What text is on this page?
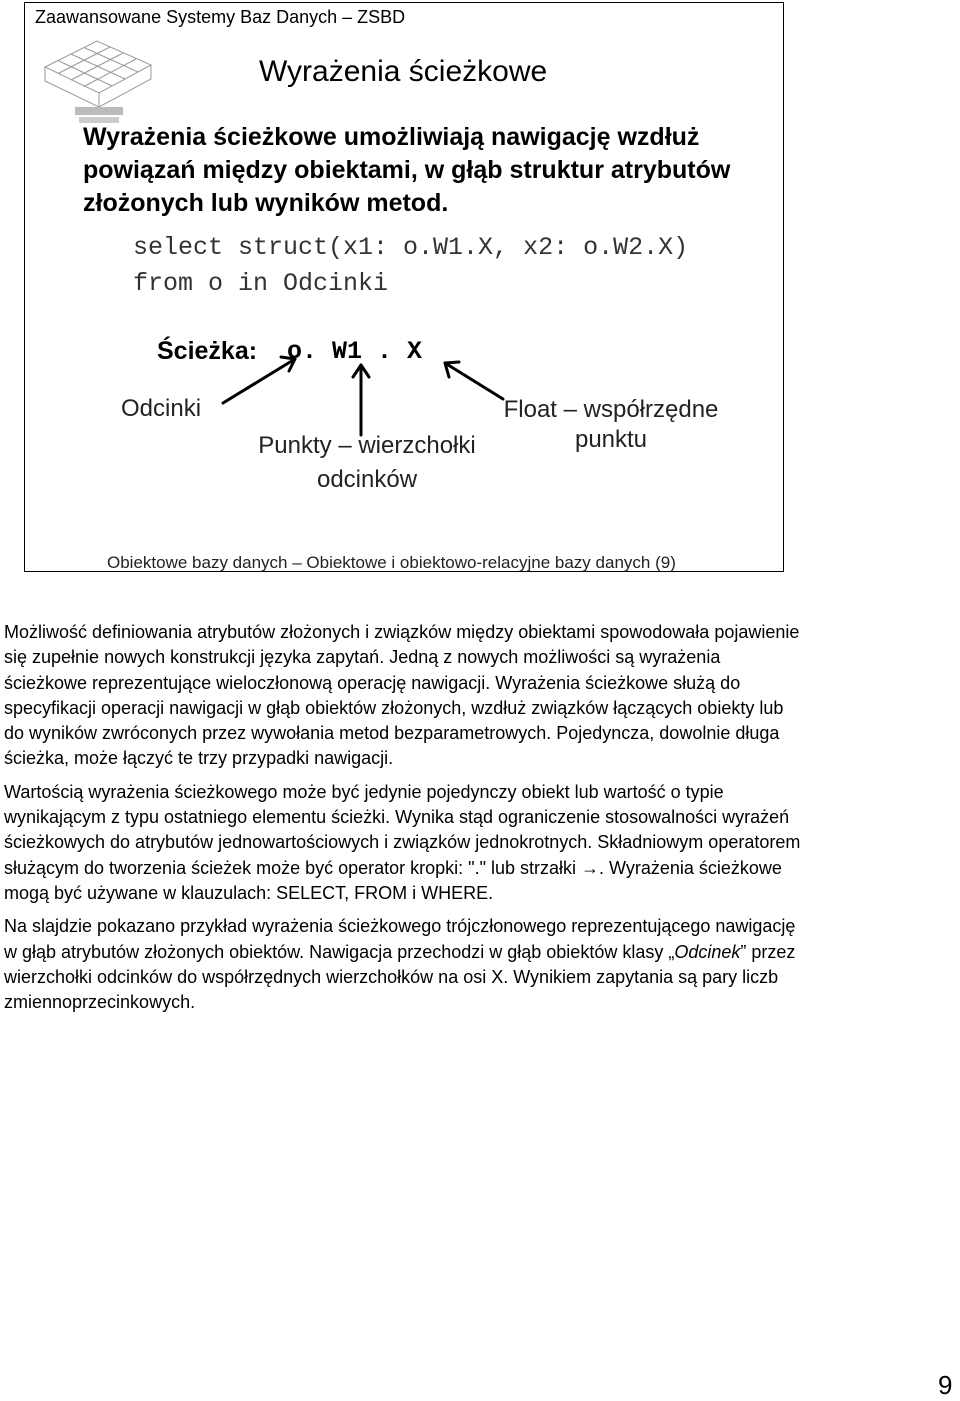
Zaawansowane Systemy Baz Danych – ZSBD
Wyrażenia ścieżkowe
Wyrażenia ścieżkowe umożliwiają nawigację wzdłuż powiązań między obiektami, w głąb struktur atrybutów złożonych lub wyników metod.
select struct(x1: o.W1.X, x2: o.W2.X)
from o in Odcinki
Ścieżka: o. W1 . X
Odcinki
Punkty – wierzchołki odcinków
Float – współrzędne punktu
Obiektowe bazy danych – Obiektowe i obiektowo-relacyjne bazy danych (9)

Możliwość definiowania atrybutów złożonych i związków między obiektami spowodowała pojawienie się zupełnie nowych konstrukcji języka zapytań. Jedną z nowych możliwości są wyrażenia ścieżkowe reprezentujące wieloczłonową operację nawigacji. Wyrażenia ścieżkowe służą do specyfikacji operacji nawigacji w głąb obiektów złożonych, wzdłuż związków łączących obiekty lub do wyników zwróconych przez wywołania metod bezparametrowych. Pojedyncza, dowolnie długa ścieżka, może łączyć te trzy przypadki nawigacji.

Wartością wyrażenia ścieżkowego może być jedynie pojedynczy obiekt lub wartość o typie wynikającym z typu ostatniego elementu ścieżki. Wynika stąd ograniczenie stosowalności wyrażeń ścieżkowych do atrybutów jednowartościowych i związków jednokrotnych. Składniowym operatorem służącym do tworzenia ścieżek może być operator kropki: "." lub strzałki →. Wyrażenia ścieżkowe mogą być używane w klauzulach: SELECT, FROM i WHERE.

Na slajdzie pokazano przykład wyrażenia ścieżkowego trójczłonowego reprezentującego nawigację w głąb atrybutów złożonych obiektów. Nawigacja przechodzi w głąb obiektów klasy „Odcinek” przez wierzchołki odcinków do współrzędnych wierzchołków na osi X. Wynikiem zapytania są pary liczb zmiennoprzecinkowych.

9
